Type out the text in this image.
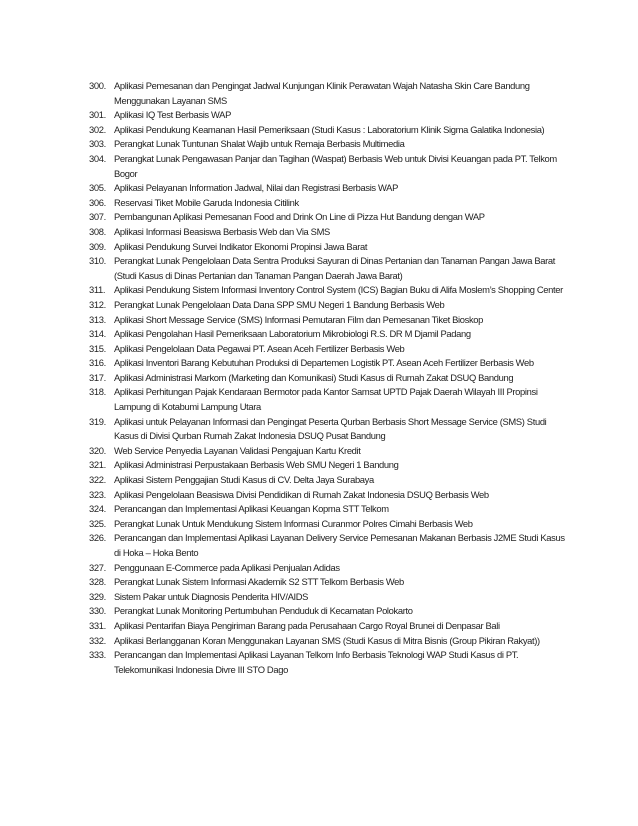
300. Aplikasi Pemesanan dan Pengingat Jadwal Kunjungan Klinik Perawatan Wajah Natasha Skin Care Bandung Menggunakan Layanan SMS
301. Aplikasi IQ Test Berbasis WAP
302. Aplikasi Pendukung Keamanan Hasil Pemeriksaan (Studi Kasus : Laboratorium Klinik Sigma Galatika Indonesia)
303. Perangkat Lunak Tuntunan Shalat Wajib untuk Remaja Berbasis Multimedia
304. Perangkat Lunak Pengawasan Panjar dan Tagihan (Waspat) Berbasis Web untuk Divisi Keuangan pada PT. Telkom Bogor
305. Aplikasi Pelayanan Information Jadwal, Nilai dan Registrasi Berbasis WAP
306. Reservasi Tiket Mobile Garuda Indonesia Citilink
307. Pembangunan Aplikasi Pemesanan Food and Drink On Line di Pizza Hut Bandung dengan WAP
308. Aplikasi Informasi Beasiswa Berbasis Web dan Via SMS
309. Aplikasi Pendukung Survei Indikator Ekonomi Propinsi Jawa Barat
310. Perangkat Lunak Pengelolaan Data Sentra Produksi Sayuran di Dinas Pertanian dan Tanaman Pangan Jawa Barat (Studi Kasus di Dinas Pertanian dan Tanaman Pangan Daerah Jawa Barat)
311. Aplikasi Pendukung Sistem Informasi Inventory Control System (ICS) Bagian Buku di Alifa Moslem’s Shopping Center
312. Perangkat Lunak Pengelolaan Data Dana SPP SMU Negeri 1 Bandung Berbasis Web
313. Aplikasi Short Message Service (SMS) Informasi Pemutaran Film dan Pemesanan Tiket Bioskop
314. Aplikasi Pengolahan Hasil Pemeriksaan Laboratorium Mikrobiologi R.S. DR M Djamil Padang
315. Aplikasi Pengelolaan Data Pegawai PT. Asean Aceh Fertilizer Berbasis Web
316. Aplikasi Inventori Barang Kebutuhan Produksi di Departemen Logistik PT. Asean Aceh Fertilizer Berbasis Web
317. Aplikasi Administrasi Markom (Marketing dan Komunikasi) Studi Kasus di Rumah Zakat DSUQ Bandung
318. Aplikasi Perhitungan Pajak Kendaraan Bermotor pada Kantor Samsat UPTD Pajak Daerah Wilayah III Propinsi Lampung di Kotabumi Lampung Utara
319. Aplikasi untuk Pelayanan Informasi dan Pengingat Peserta Qurban Berbasis Short Message Service (SMS) Studi Kasus di Divisi Qurban Rumah Zakat Indonesia DSUQ Pusat Bandung
320. Web Service Penyedia Layanan Validasi Pengajuan Kartu Kredit
321. Aplikasi Administrasi Perpustakaan Berbasis Web SMU Negeri 1 Bandung
322. Aplikasi Sistem Penggajian Studi Kasus di CV. Delta Jaya Surabaya
323. Aplikasi Pengelolaan Beasiswa Divisi Pendidikan di Rumah Zakat Indonesia DSUQ Berbasis Web
324. Perancangan dan Implementasi Aplikasi Keuangan Kopma STT Telkom
325. Perangkat Lunak Untuk Mendukung Sistem Informasi Curanmor Polres Cimahi Berbasis Web
326. Perancangan dan Implementasi Aplikasi Layanan Delivery Service Pemesanan Makanan Berbasis J2ME Studi Kasus di Hoka – Hoka Bento
327. Penggunaan E-Commerce pada Aplikasi Penjualan Adidas
328. Perangkat Lunak Sistem Informasi Akademik S2 STT Telkom Berbasis Web
329. Sistem Pakar untuk Diagnosis Penderita HIV/AIDS
330. Perangkat Lunak Monitoring Pertumbuhan Penduduk di Kecamatan Polokarto
331. Aplikasi Pentarifan Biaya Pengiriman Barang pada Perusahaan Cargo Royal Brunei di Denpasar Bali
332. Aplikasi Berlangganan Koran Menggunakan Layanan SMS (Studi Kasus di Mitra Bisnis (Group Pikiran Rakyat))
333. Perancangan dan Implementasi Aplikasi Layanan Telkom Info Berbasis Teknologi WAP Studi Kasus di PT. Telekomunikasi Indonesia Divre III STO Dago
